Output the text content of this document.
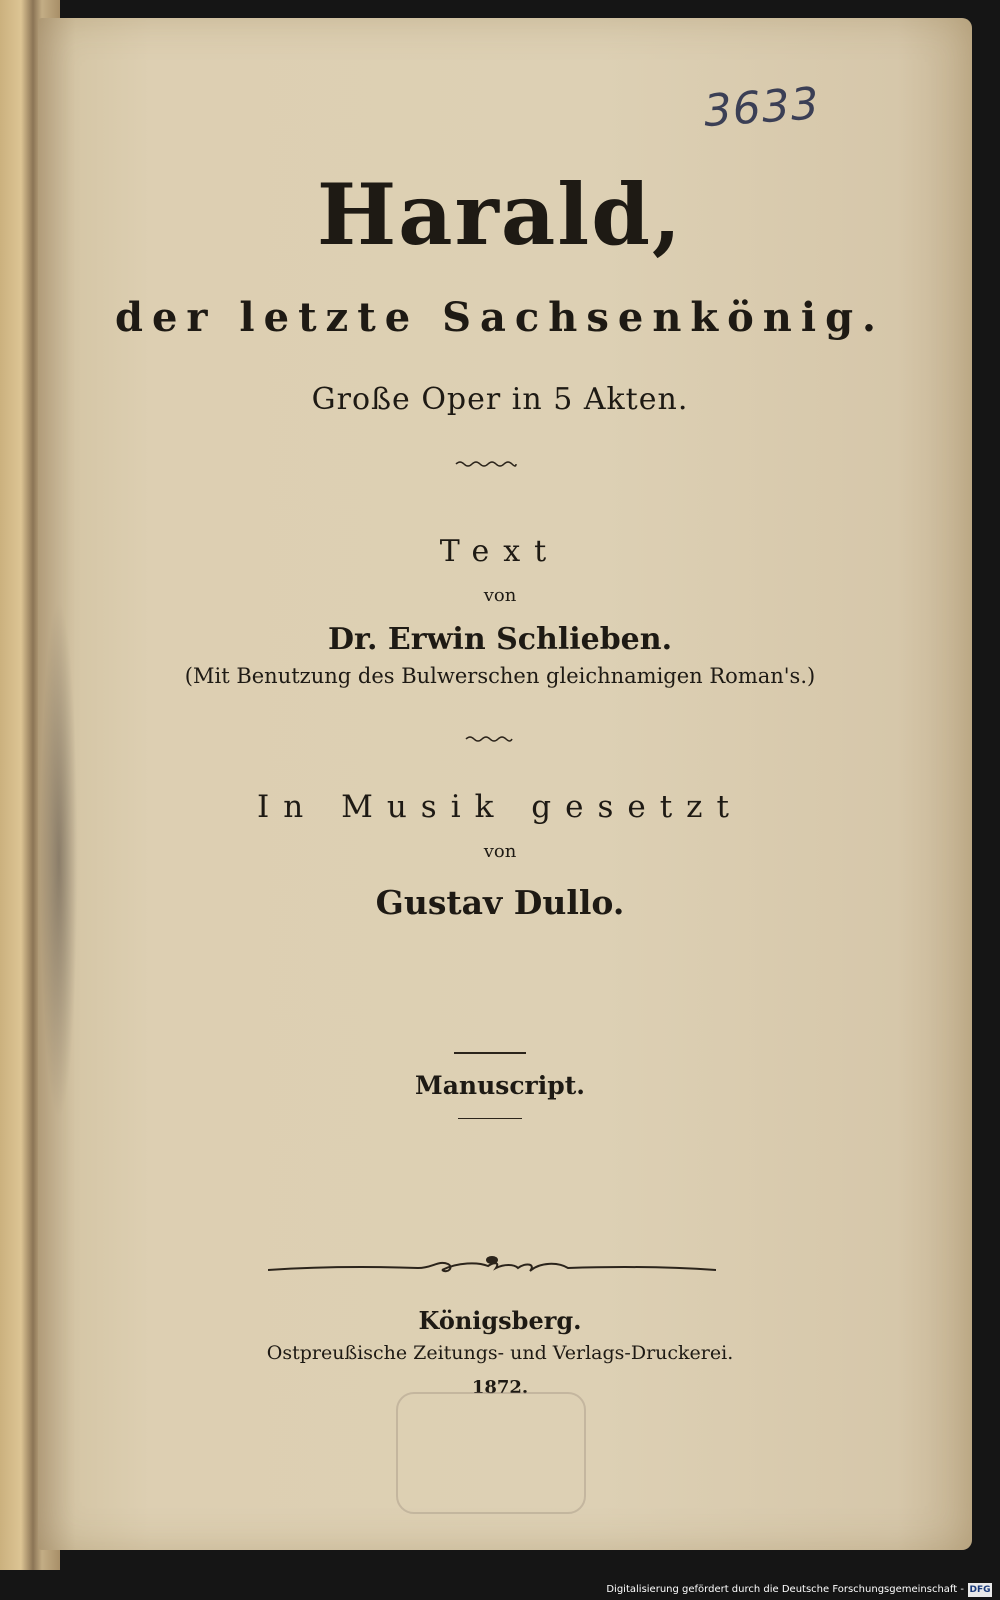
3633
Harald,
der letzte Sachsenkönig.
Große Oper in 5 Akten.
Text
von
Dr. Erwin Schlieben.
(Mit Benutzung des Bulwerschen gleichnamigen Roman's.)
In Musik gesetzt
von
Gustav Dullo.
Manuscript.
Königsberg.
Ostpreußische Zeitungs- und Verlags-Druckerei.
1872.
Digitalisierung gefördert durch die Deutsche Forschungsgemeinschaft - DFG
